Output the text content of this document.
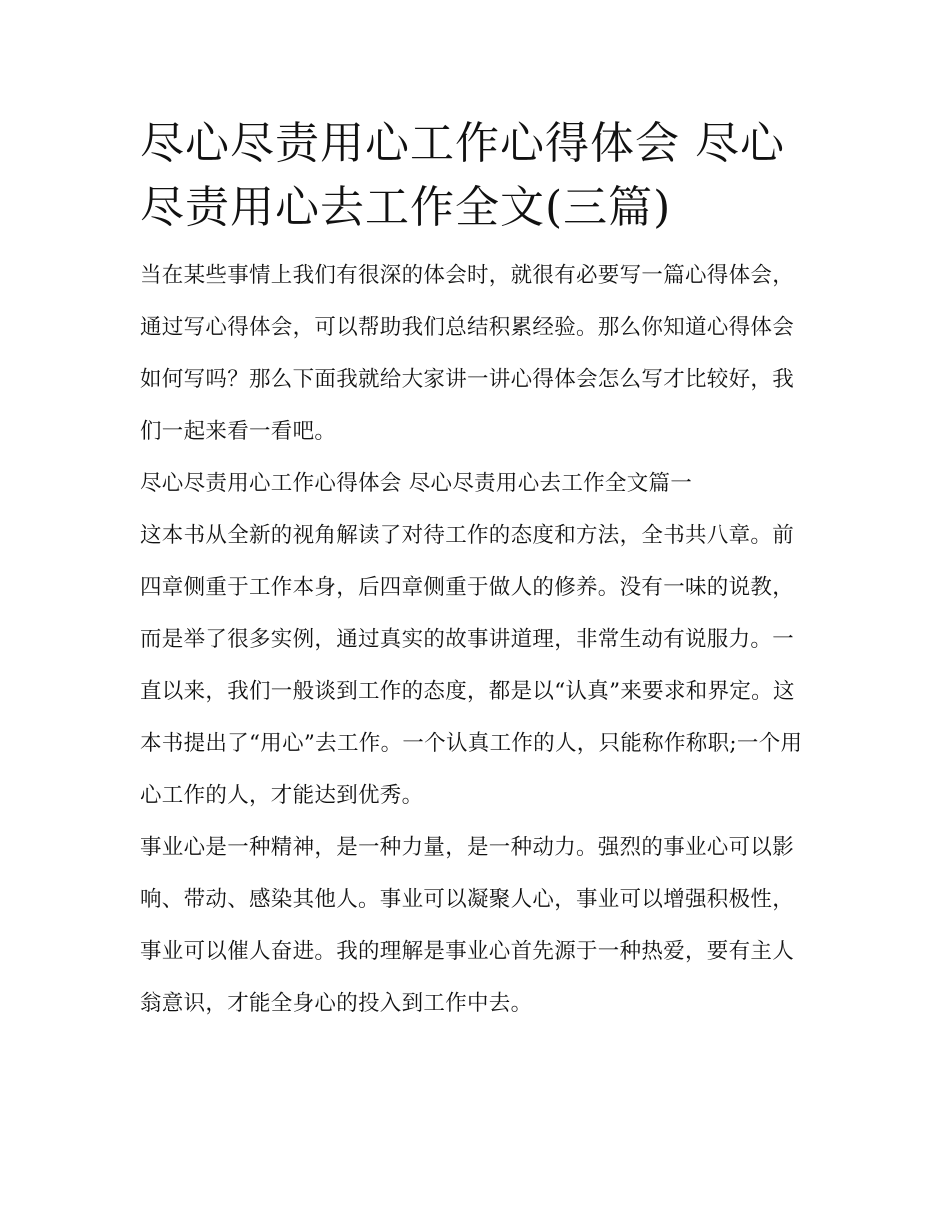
尽心尽责用心工作心得体会 尽心尽责用心去工作全文(三篇)

当在某些事情上我们有很深的体会时，就很有必要写一篇心得体会，通过写心得体会，可以帮助我们总结积累经验。那么你知道心得体会如何写吗？那么下面我就给大家讲一讲心得体会怎么写才比较好，我们一起来看一看吧。

尽心尽责用心工作心得体会 尽心尽责用心去工作全文篇一

这本书从全新的视角解读了对待工作的态度和方法，全书共八章。前四章侧重于工作本身，后四章侧重于做人的修养。没有一味的说教，而是举了很多实例，通过真实的故事讲道理，非常生动有说服力。一直以来，我们一般谈到工作的态度，都是以“认真”来要求和界定。这本书提出了“用心”去工作。一个认真工作的人，只能称作称职;一个用心工作的人，才能达到优秀。

事业心是一种精神，是一种力量，是一种动力。强烈的事业心可以影响、带动、感染其他人。事业可以凝聚人心，事业可以增强积极性，事业可以催人奋进。我的理解是事业心首先源于一种热爱，要有主人翁意识，才能全身心的投入到工作中去。
